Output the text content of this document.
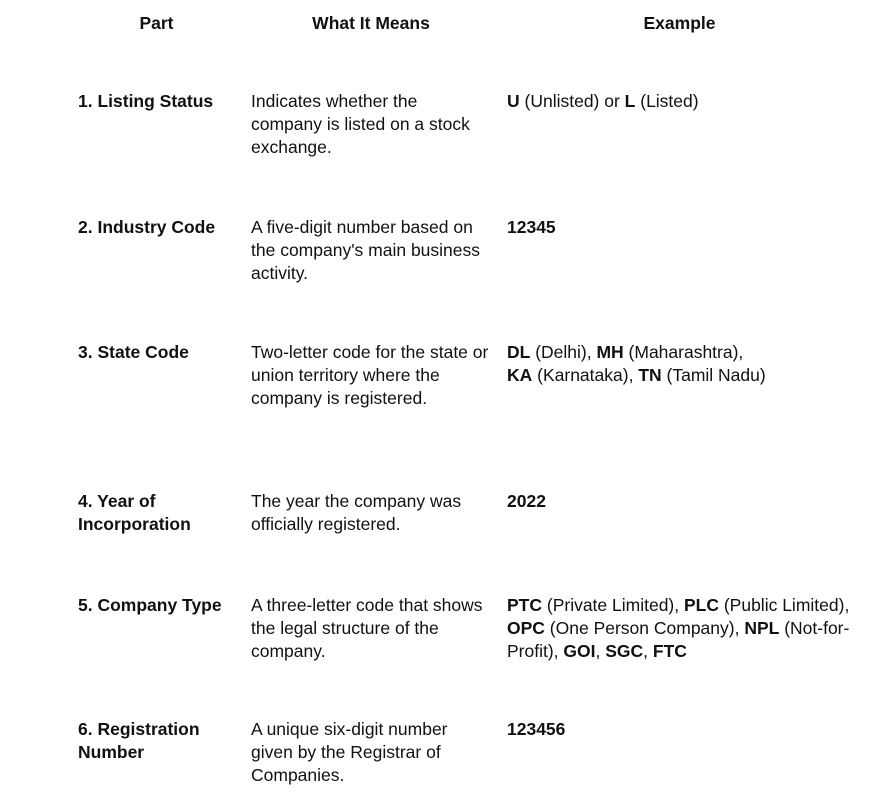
Part	What It Means	Example
1. Listing Status	Indicates whether the company is listed on a stock exchange.	U (Unlisted) or L (Listed)
2. Industry Code	A five-digit number based on the company's main business activity.	12345
3. State Code	Two-letter code for the state or union territory where the company is registered.	DL (Delhi), MH (Maharashtra),
KA (Karnataka), TN (Tamil Nadu)
4. Year of Incorporation	The year the company was officially registered.	2022
5. Company Type	A three-letter code that shows the legal structure of the company.	PTC (Private Limited), PLC (Public Limited), OPC (One Person Company), NPL (Not-for-Profit), GOI, SGC, FTC
6. Registration Number	A unique six-digit number given by the Registrar of Companies.	123456
